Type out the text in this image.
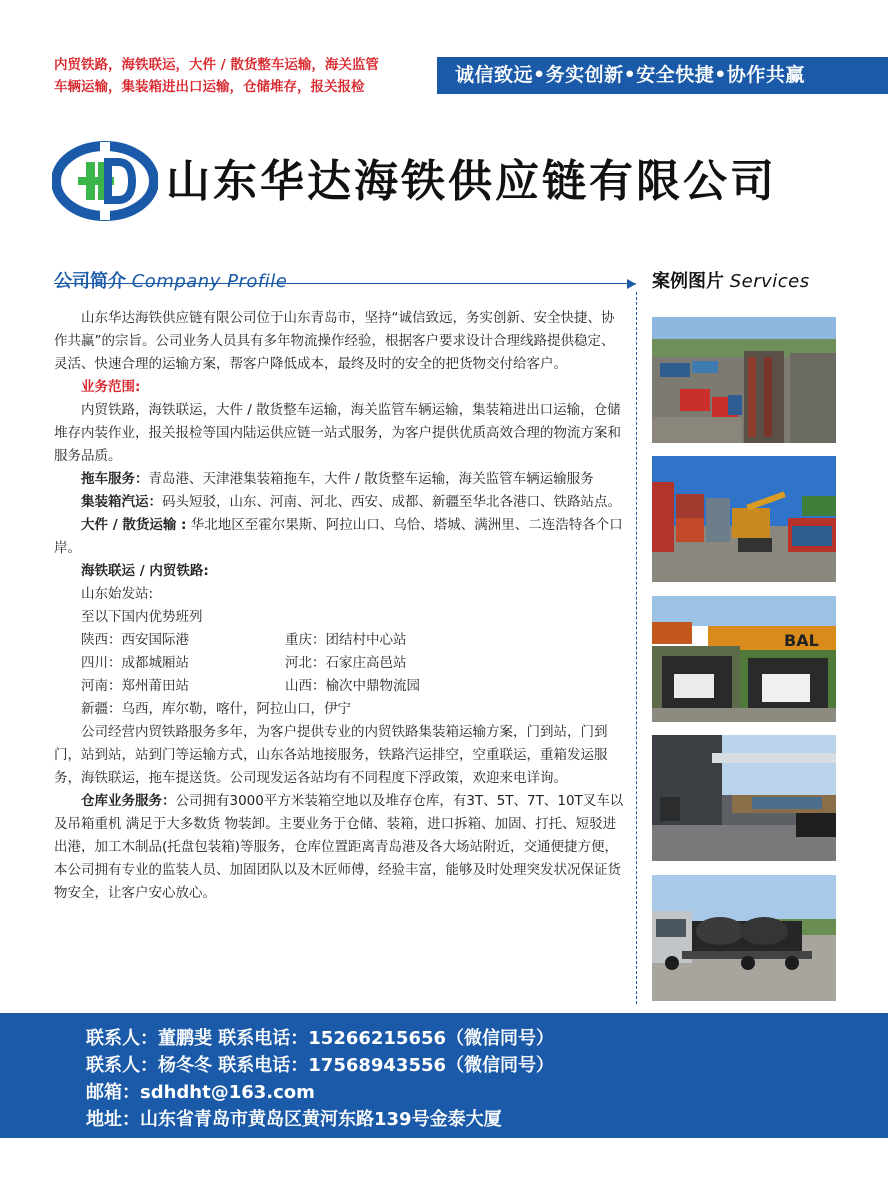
内贸铁路，海铁联运，大件 / 散货整车运输，海关监管
车辆运输，集装箱进出口运输，仓储堆存，报关报检
诚信致远•务实创新•安全快捷•协作共赢
山东华达海铁供应链有限公司
公司简介 Company Profile	案例图片 Services

山东华达海铁供应链有限公司位于山东青岛市，坚持“诚信致远，务实创新、安全快捷、协作共赢”的宗旨。公司业务人员具有多年物流操作经验，根据客户要求设计合理线路提供稳定、灵活、快速合理的运输方案，帮客户降低成本，最终及时的安全的把货物交付给客户。

业务范围:

内贸铁路，海铁联运，大件 / 散货整车运输，海关监管车辆运输，集装箱进出口运输，仓储堆存内装作业，报关报检等国内陆运供应链一站式服务，为客户提供优质高效合理的物流方案和服务品质。

拖车服务：青岛港、天津港集装箱拖车，大件 / 散货整车运输，海关监管车辆运输服务

集装箱汽运：码头短驳，山东、河南、河北、西安、成都、新疆至华北各港口、铁路站点。

大件 / 散货运输 : 华北地区至霍尔果斯、阿拉山口、乌恰、塔城、满洲里、二连浩特各个口岸。

海铁联运 / 内贸铁路:

山东始发站:

至以下国内优势班列

陕西：西安国际港	重庆：团结村中心站
四川：成都城厢站	河北：石家庄高邑站
河南：郑州莆田站	山西：榆次中鼎物流园

新疆：乌西，库尔勒，喀什，阿拉山口，伊宁

公司经营内贸铁路服务多年，为客户提供专业的内贸铁路集装箱运输方案，门到站，门到门，站到站，站到门等运输方式，山东各站地接服务，铁路汽运排空，空重联运，重箱发运服务，海铁联运，拖车提送货。公司现发运各站均有不同程度下浮政策，欢迎来电详询。

仓库业务服务：公司拥有3000平方米装箱空地以及堆存仓库，有3T、5T、7T、10T叉车以及吊箱重机 满足于大多数货 物装卸。主要业务于仓储、装箱，进口拆箱、加固、打托、短驳进出港，加工木制品(托盘包装箱)等服务，仓库位置距离青岛港及各大场站附近，交通便捷方便，本公司拥有专业的监装人员、加固团队以及木匠师傅，经验丰富，能够及时处理突发状况保证货物安全，让客户安心放心。

BAL
联系人：董鹏斐 联系电话：15266215656（微信同号）
联系人：杨冬冬 联系电话：17568943556（微信同号）
邮箱：sdhdht@163.com
地址：山东省青岛市黄岛区黄河东路139号金泰大厦
